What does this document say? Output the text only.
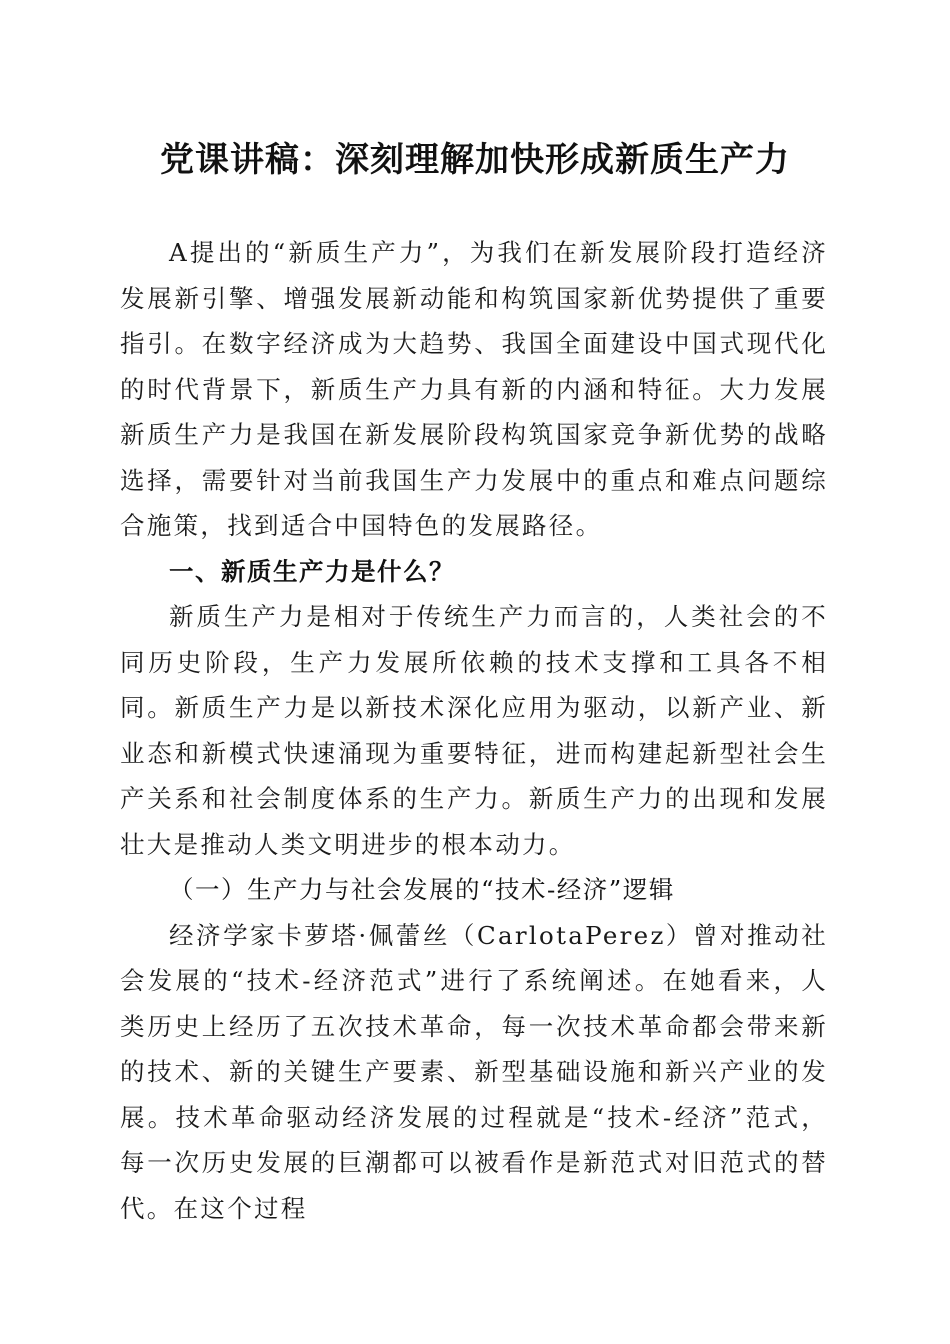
党课讲稿：深刻理解加快形成新质生产力

A提出的“新质生产力”，为我们在新发展阶段打造经济发展新引擎、增强发展新动能和构筑国家新优势提供了重要指引。在数字经济成为大趋势、我国全面建设中国式现代化的时代背景下，新质生产力具有新的内涵和特征。大力发展新质生产力是我国在新发展阶段构筑国家竞争新优势的战略选择，需要针对当前我国生产力发展中的重点和难点问题综合施策，找到适合中国特色的发展路径。

一、新质生产力是什么？

新质生产力是相对于传统生产力而言的，人类社会的不同历史阶段，生产力发展所依赖的技术支撑和工具各不相同。新质生产力是以新技术深化应用为驱动，以新产业、新业态和新模式快速涌现为重要特征，进而构建起新型社会生产关系和社会制度体系的生产力。新质生产力的出现和发展壮大是推动人类文明进步的根本动力。

（一）生产力与社会发展的“技术-经济”逻辑

经济学家卡萝塔·佩蕾丝（CarlotaPerez）曾对推动社会发展的“技术-经济范式”进行了系统阐述。在她看来，人类历史上经历了五次技术革命，每一次技术革命都会带来新的技术、新的关键生产要素、新型基础设施和新兴产业的发展。技术革命驱动经济发展的过程就是“技术-经济”范式，每一次历史发展的巨潮都可以被看作是新范式对旧范式的替代。在这个过程
